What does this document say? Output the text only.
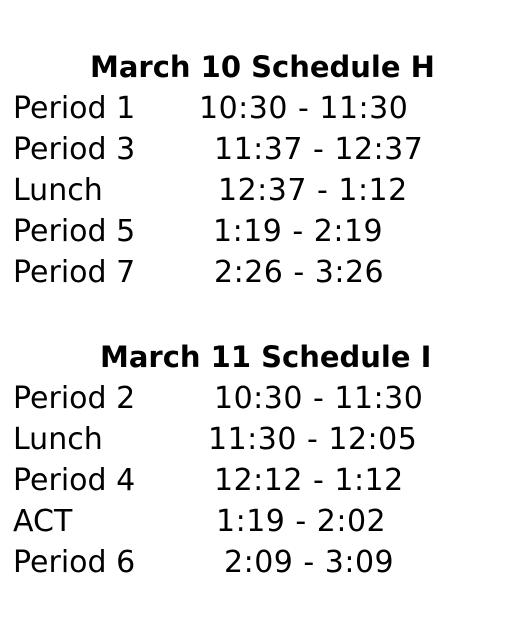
March 10 Schedule H
Period 1 10:30 - 11:30
Period 3	11:37 - 12:37
Lunch	12:37 - 1:12
Period 5	1:19 - 2:19
Period 7	2:26 - 3:26
March 11 Schedule I
Period 2	10:30 - 11:30
Lunch	11:30 - 12:05
Period 4	12:12 - 1:12
ACT	1:19 - 2:02
Period 6	2:09 - 3:09
